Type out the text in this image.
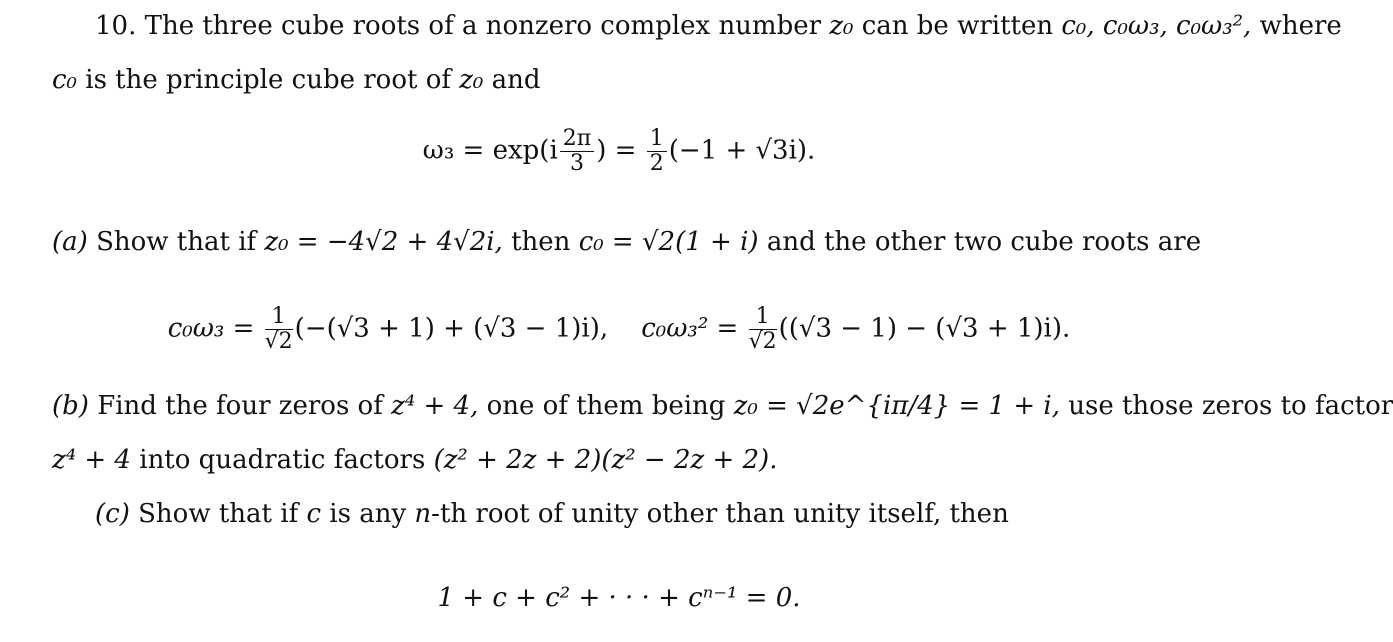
10. The three cube roots of a nonzero complex number z₀ can be written c₀, c₀ω₃, c₀ω₃², where
c₀ is the principle cube root of z₀ and
$\omega_3 = \exp(i \frac{2\pi}{3}$ ) = $\frac{1}{2} (-1 + √3i)$.
(a) Show that if z₀ = −4√2 + 4√2i, then c₀ = √2(1 + i) and the other two cube roots are
$c_0\omega_3 = \frac{1}{√2} (-(√3 + 1) + (√3 - 1)i)$, $c_0\omega_3^2 = \frac{1}{√2} ((√3 - 1) - (√3 + 1)i)$.
(b) Find the four zeros of z⁴ + 4, one of them being z₀ = √2e^{iπ/4} = 1 + i, use those zeros to factor
z⁴ + 4 into quadratic factors (z² + 2z + 2)(z² − 2z + 2).
(c) Show that if c is any n-th root of unity other than unity itself, then
1 + c + c² + · · · + cⁿ⁻¹ = 0.
